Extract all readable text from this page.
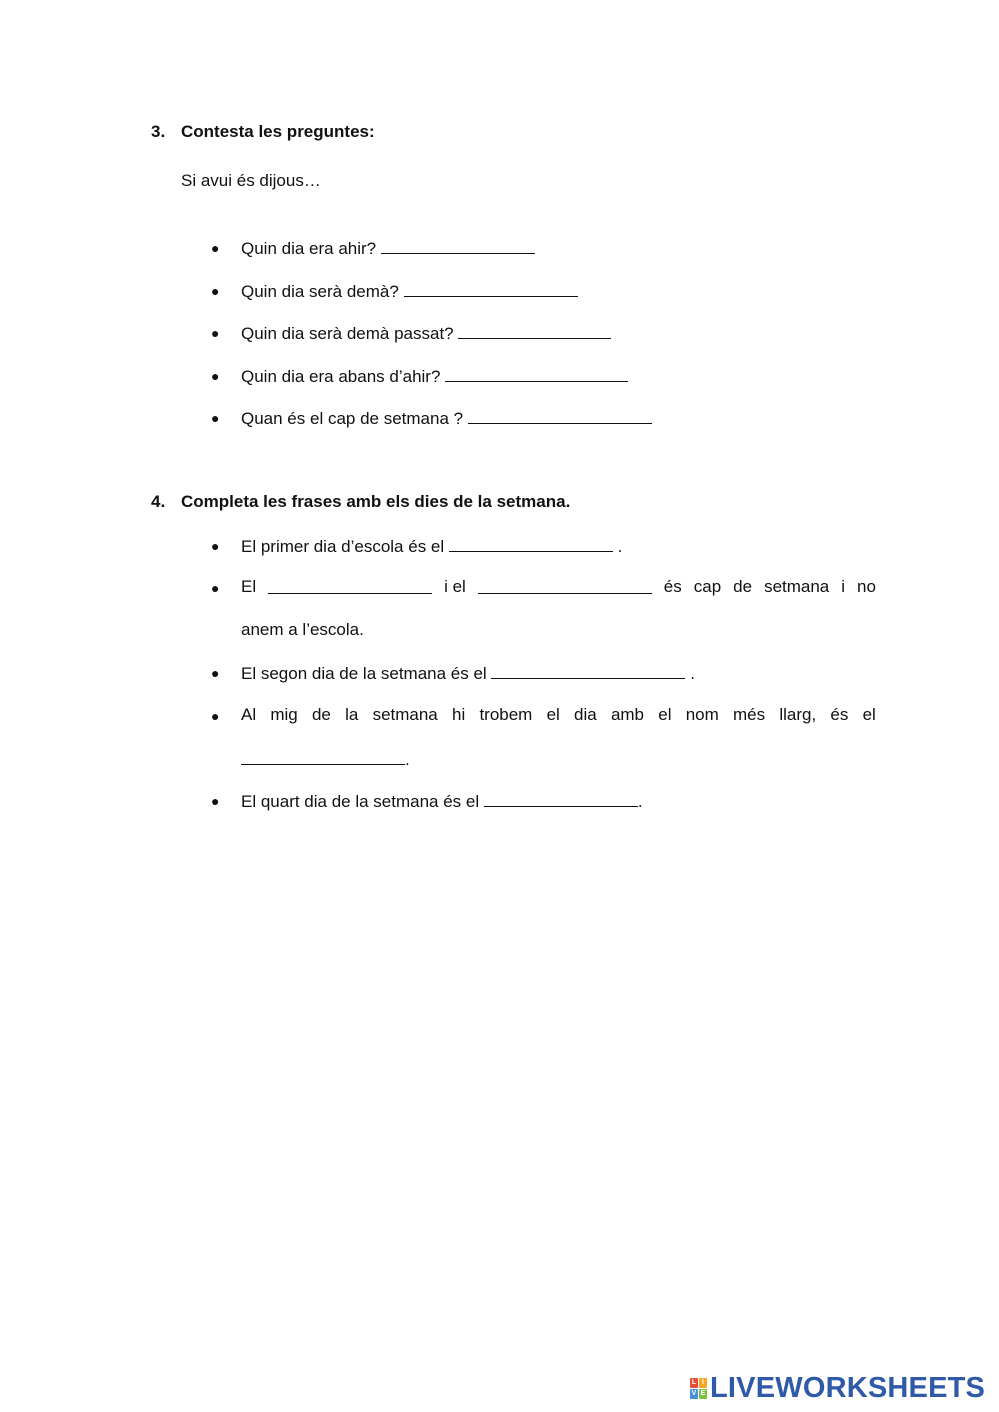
3. Contesta les preguntes:
Si avui és dijous…
● Quin dia era ahir?
● Quin dia serà demà?
● Quin dia serà demà passat?
● Quin dia era abans d’ahir?
● Quan és el cap de setmana ?
4. Completa les frases amb els dies de la setmana.
● El primer dia d’escola és el	.
● El	i el	és cap de setmana i no
anem a l’escola.
● El segon dia de la setmana és el	.
● Al mig de la setmana hi trobem el dia amb el nom més llarg, és el
.
● El quart dia de la setmana és el	.
L I
V E LIVEWORKSHEETS
